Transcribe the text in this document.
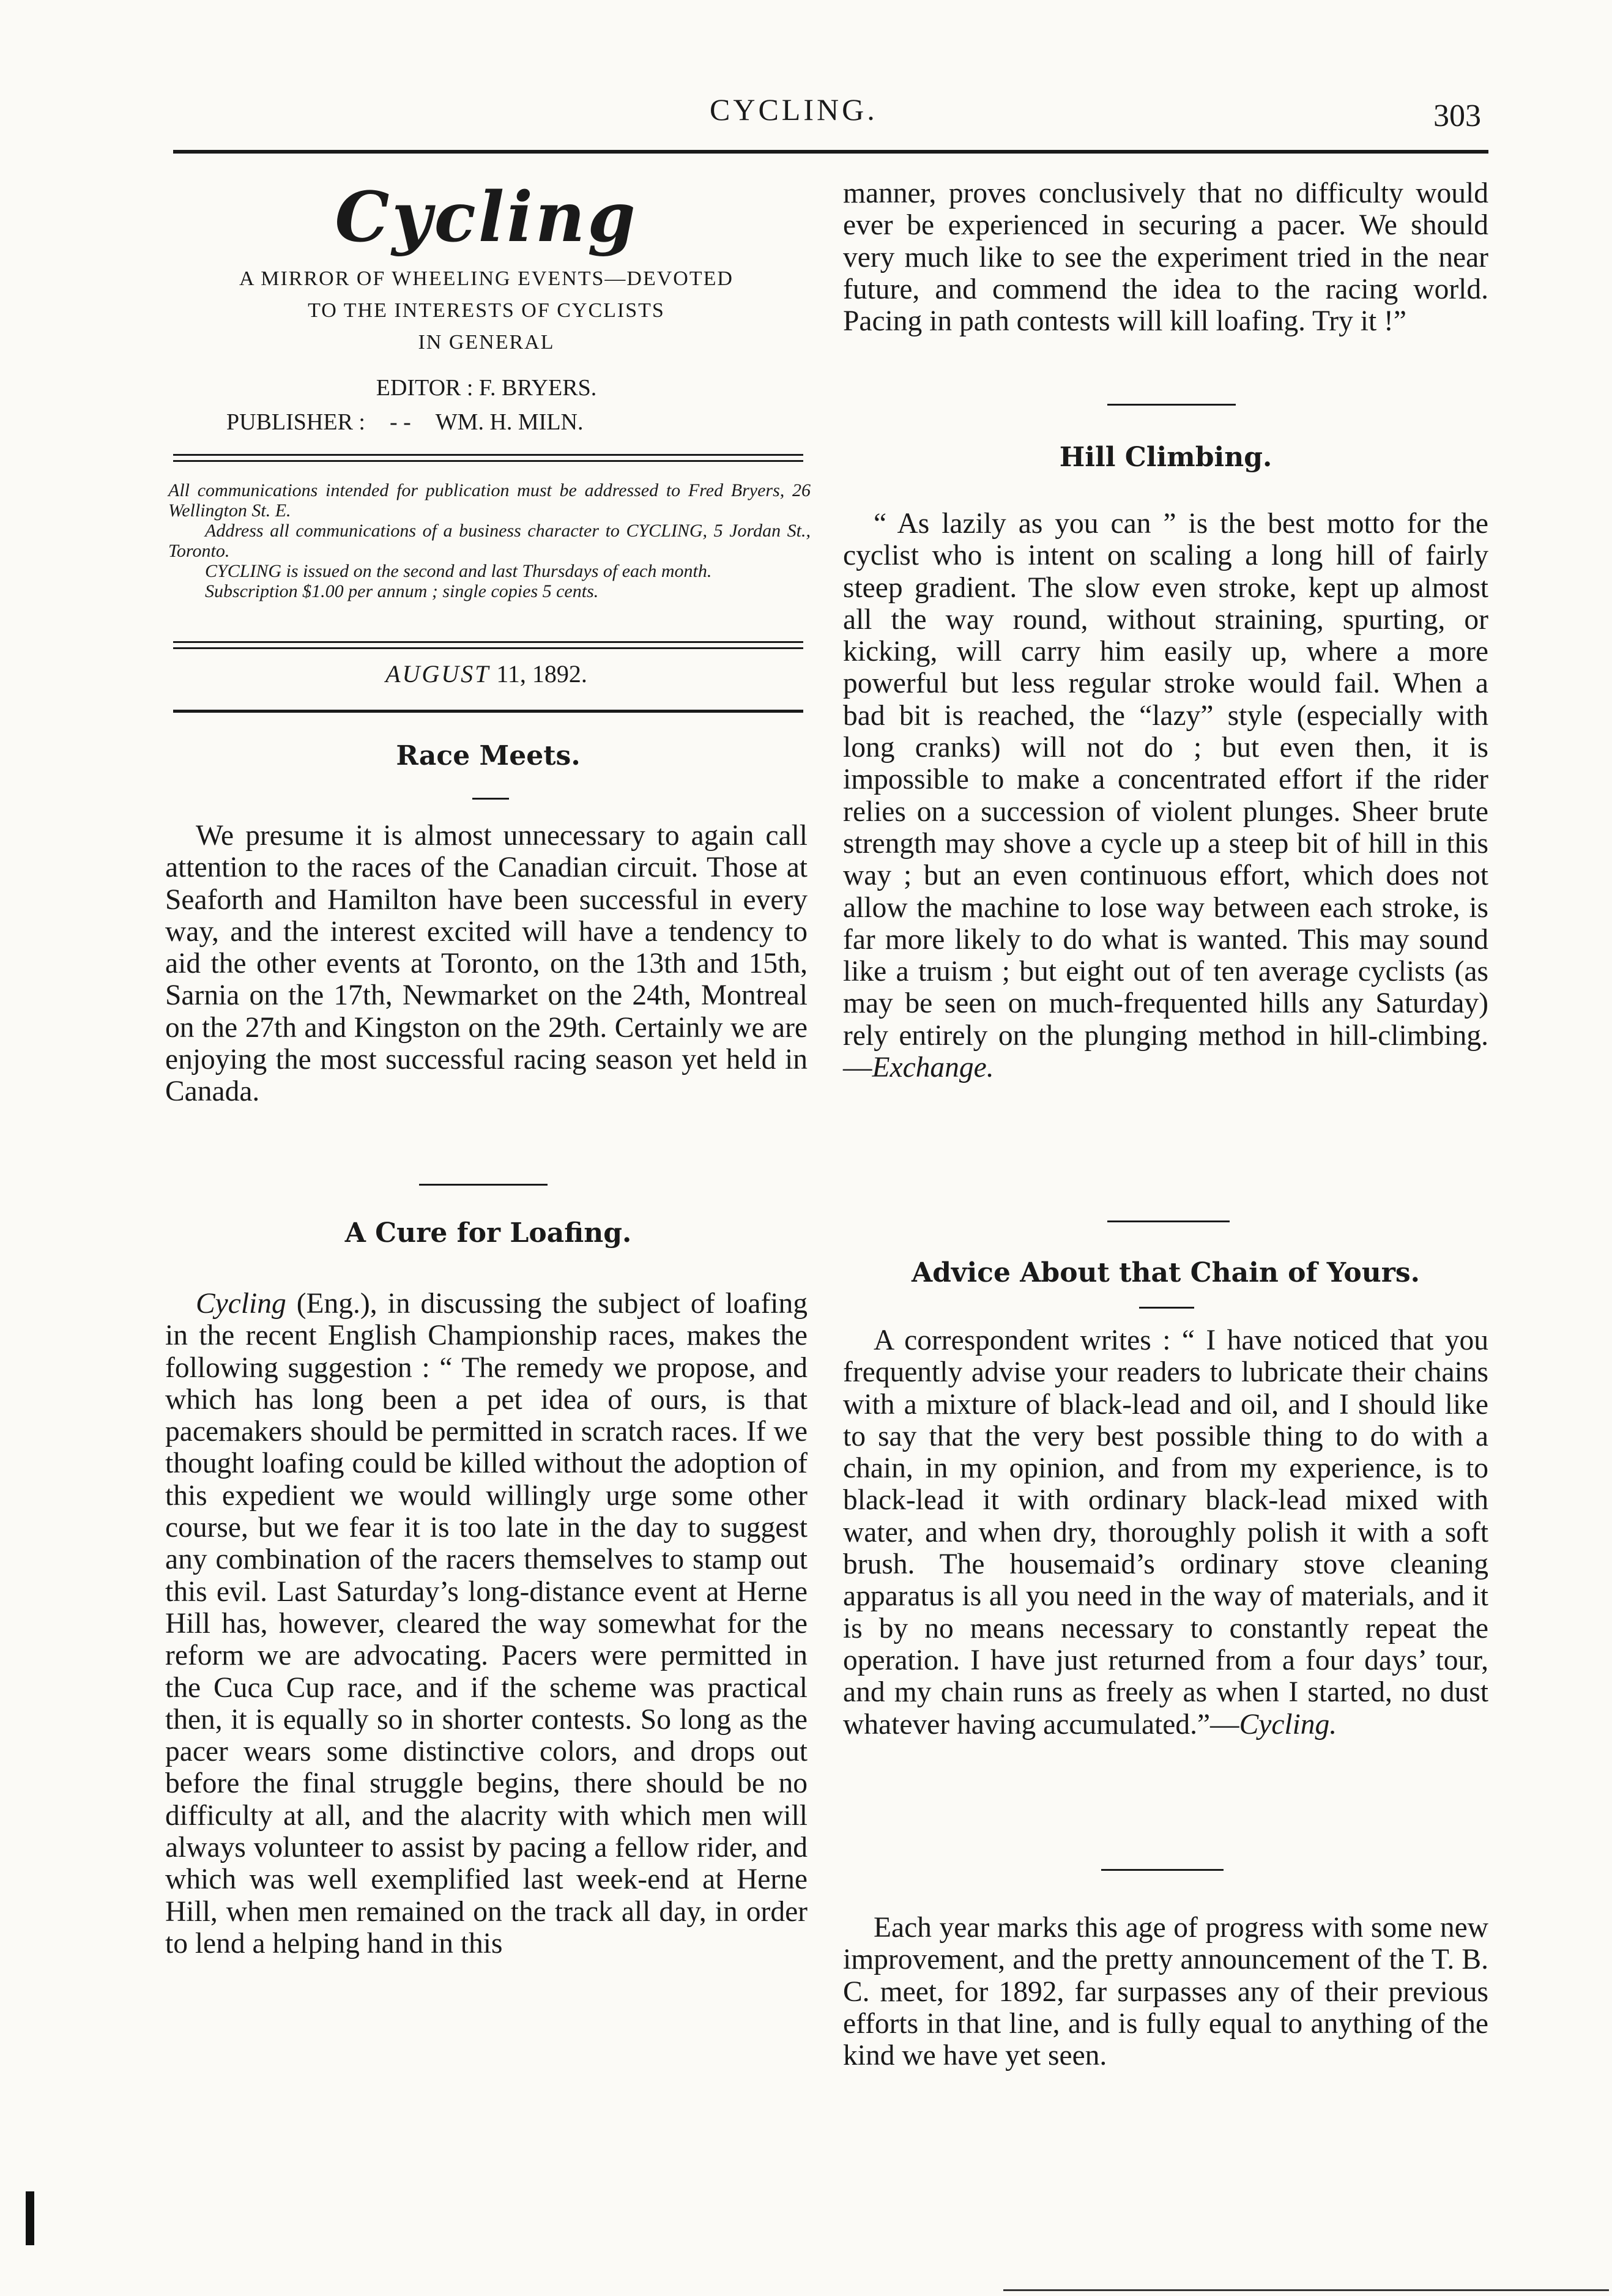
CYCLING.	303
Cycling
A MIRROR OF WHEELING EVENTS—DEVOTED
TO THE INTERESTS OF CYCLISTS
IN GENERAL
EDITOR : F. BRYERS.
PUBLISHER : - - WM. H. MILN.

All communications intended for publication must be addressed to Fred Bryers, 26 Wellington St. E.

Address all communications of a business character to CYCLING, 5 Jordan St., Toronto.

CYCLING is issued on the second and last Thursdays of each month.

Subscription $1.00 per annum ; single copies 5 cents.

AUGUST 11, 1892.
Race Meets.

We presume it is almost unnecessary to again call attention to the races of the Canadian circuit. Those at Seaforth and Hamilton have been successful in every way, and the interest excited will have a tendency to aid the other events at Toronto, on the 13th and 15th, Sarnia on the 17th, Newmarket on the 24th, Montreal on the 27th and Kingston on the 29th. Certainly we are enjoying the most successful racing season yet held in Canada.

A Cure for Loafing.

Cycling (Eng.), in discussing the subject of loafing in the recent English Championship races, makes the following suggestion : “ The remedy we propose, and which has long been a pet idea of ours, is that pacemakers should be permitted in scratch races. If we thought loafing could be killed without the adoption of this expedient we would willingly urge some other course, but we fear it is too late in the day to suggest any combination of the racers themselves to stamp out this evil. Last Saturday’s long-distance event at Herne Hill has, however, cleared the way somewhat for the reform we are advocating. Pacers were permitted in the Cuca Cup race, and if the scheme was practical then, it is equally so in shorter contests. So long as the pacer wears some distinctive colors, and drops out before the final struggle begins, there should be no difficulty at all, and the alacrity with which men will always volunteer to assist by pacing a fellow rider, and which was well exemplified last week-end at Herne Hill, when men remained on the track all day, in order to lend a helping hand in this

manner, proves conclusively that no difficulty would ever be experienced in securing a pacer. We should very much like to see the experiment tried in the near future, and commend the idea to the racing world. Pacing in path contests will kill loafing. Try it !”

Hill Climbing.

“ As lazily as you can ” is the best motto for the cyclist who is intent on scaling a long hill of fairly steep gradient. The slow even stroke, kept up almost all the way round, without straining, spurting, or kicking, will carry him easily up, where a more powerful but less regular stroke would fail. When a bad bit is reached, the “lazy” style (especially with long cranks) will not do ; but even then, it is impossible to make a concentrated effort if the rider relies on a succession of violent plunges. Sheer brute strength may shove a cycle up a steep bit of hill in this way ; but an even continuous effort, which does not allow the machine to lose way between each stroke, is far more likely to do what is wanted. This may sound like a truism ; but eight out of ten average cyclists (as may be seen on much-frequented hills any Saturday) rely entirely on the plunging method in hill-climbing.—Exchange.

Advice About that Chain of Yours.

A correspondent writes : “ I have noticed that you frequently advise your readers to lubricate their chains with a mixture of black-lead and oil, and I should like to say that the very best possible thing to do with a chain, in my opinion, and from my experience, is to black-lead it with ordinary black-lead mixed with water, and when dry, thoroughly polish it with a soft brush. The housemaid’s ordinary stove cleaning apparatus is all you need in the way of materials, and it is by no means necessary to constantly repeat the operation. I have just returned from a four days’ tour, and my chain runs as freely as when I started, no dust whatever having accumulated.”—Cycling.

Each year marks this age of progress with some new improvement, and the pretty announcement of the T. B. C. meet, for 1892, far surpasses any of their previous efforts in that line, and is fully equal to anything of the kind we have yet seen.
